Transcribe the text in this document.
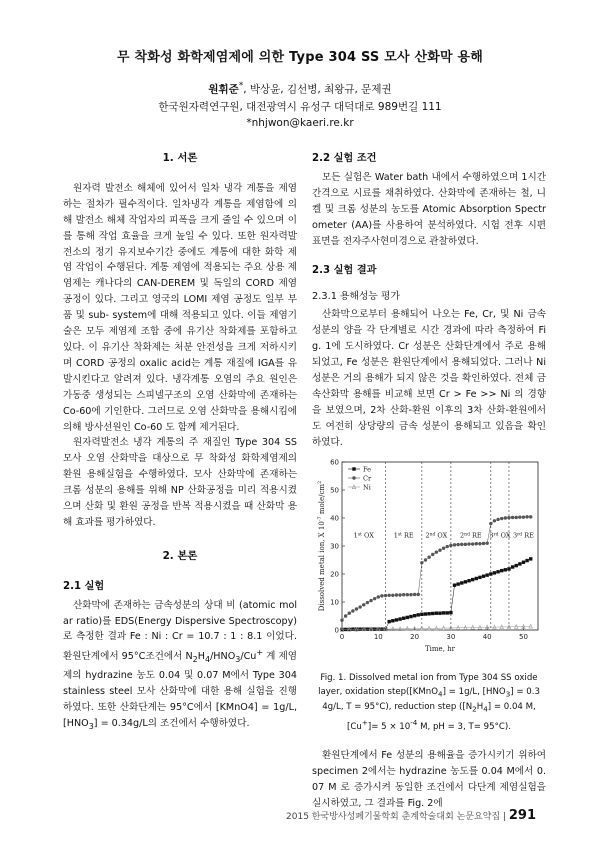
무 착화성 화학제염제에 의한 Type 304 SS 모사 산화막 용해
원휘준*, 박상윤, 김선병, 최왕규, 문제권
한국원자력연구원, 대전광역시 유성구 대덕대로 989번길 111
*nhjwon@kaeri.re.kr
1. 서론

원자력 발전소 해체에 있어서 일차 냉각 계통을 제염하는 절차가 필수적이다. 일차냉각 계통을 제염함에 의해 발전소 해체 작업자의 피폭을 크게 줄일 수 있으며 이를 통해 작업 효율을 크게 높일 수 있다. 또한 원자력발전소의 정기 유지보수기간 중에도 계통에 대한 화학 제염 작업이 수행된다. 계통 제염에 적용되는 주요 상용 제염제는 캐나다의 CAN-DEREM 및 독일의 CORD 제염공정이 있다. 그리고 영국의 LOMI 제염 공정도 일부 부품 및 sub- system에 대해 적용되고 있다. 이들 제염기술은 모두 제염제 조합 중에 유기산 착화제를 포함하고 있다. 이 유기산 착화제는 처분 안전성을 크게 저하시키며 CORD 공정의 oxalic acid는 계통 재질에 IGA를 유발시킨다고 알려져 있다. 냉각계통 오염의 주요 원인은 가동중 생성되는 스피넬구조의 오염 산화막에 존재하는 Co-60에 기인한다. 그러므로 오염 산화막을 용해시킴에 의해 방사선원인 Co-60 도 함께 제거된다.

원자력발전소 냉각 계통의 주 재질인 Type 304 SS 모사 오염 산화막을 대상으로 무 착화성 화학제염제의 환원 용해실험을 수행하였다. 모사 산화막에 존재하는 크롬 성분의 용해를 위해 NP 산화공정을 미리 적용시켰으며 산화 및 환원 공정을 반복 적용시켰을 때 산화막 용해 효과를 평가하였다.

2. 본론
2.1 실험

산화막에 존재하는 금속성분의 상대 비 (atomic molar ratio)를 EDS(Energy Dispersive Spectroscopy)로 측정한 결과 Fe : Ni : Cr = 10.7 : 1 : 8.1 이었다. 환원단계에서 95°C조건에서 $N_2H_4/HNO_3/Cu^+$ 계 제염제의 hydrazine 농도 0.04 및 0.07 M에서 Type 304 stainless steel 모사 산화막에 대한 용해 실험을 진행하였다. 또한 산화단계는 95°C에서 [KMnO4] = 1g/L, $[HNO_3] = 0.34g/L$의 조건에서 수행하였다.

2.2 실험 조건

모든 실험은 Water bath 내에서 수행하였으며 1시간 간격으로 시료를 채취하였다. 산화막에 존재하는 철, 니켈 및 크롬 성분의 농도를 Atomic Absorption Spectrometer (AA)를 사용하여 분석하였다. 시험 전후 시편 표면을 전자주사현미경으로 관찰하였다.

2.3 실험 결과
2.3.1 용해성능 평가

산화막으로부터 용해되어 나오는 Fe, Cr, 및 Ni 금속 성분의 양을 각 단계별로 시간 경과에 따라 측정하여 Fig. 1에 도시하였다. Cr 성분은 산화단계에서 주로 용해되었고, Fe 성분은 환원단계에서 용해되었다. 그러나 Ni 성분은 거의 용해가 되지 않은 것을 확인하였다. 전체 금속산화막 용해를 비교해 보면 Cr > Fe >> Ni 의 경향을 보였으며, 2차 산화-환원 이후의 3차 산화-환원에서도 여전히 상당량의 금속 성분이 용해되고 있음을 확인하였다.

0	10	20	30	40	50
0
10
20
30
40
50
60
Time, hr
Dissolved metal ion, X $10^{-7}$ mole/$cm^2$
1st OX	1st RE 2nd OX 2nd RE 3rd OX 3rd RE
Fe
Cr
Ni
Fig. 1. Dissolved metal ion from Type 304 SS oxide layer, oxidation step([KMnO$_4$] = 1g/L, $[HNO_3] = 0.3$ 4g/L, T = 95°C), reduction step ($[N_2H_4] = 0.04$ M, $[Cu^+]= 5 \times 10^{-4}$ M, pH = 3, T= 95°C).

환원단계에서 Fe 성분의 용해율을 증가시키기 위하여 specimen 2에서는 hydrazine 농도를 0.04 M에서 0.07 M 로 증가시켜 동일한 조건에서 다단계 제염실험을 실시하였고, 그 결과를 Fig. 2에

2015 한국방사성폐기물학회 춘계학술대회 논문요약집 | 291
